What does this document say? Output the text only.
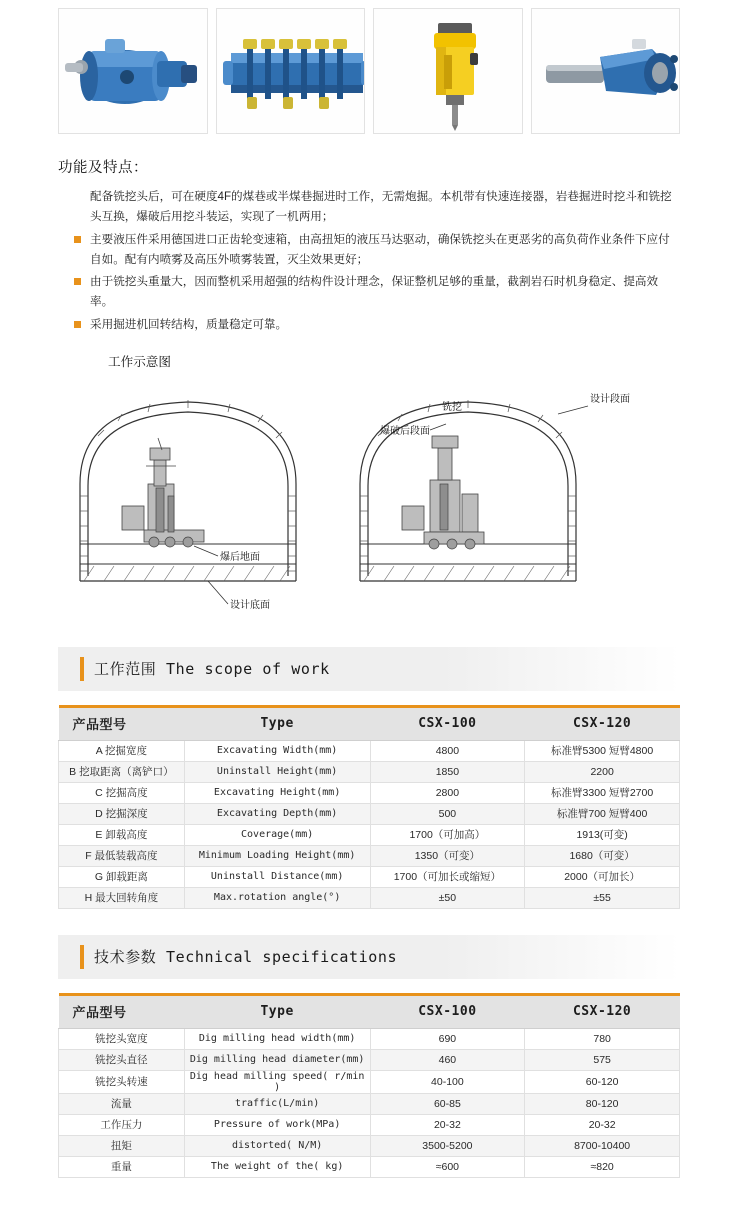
功能及特点：
配备铣挖头后，可在硬度4F的煤巷或半煤巷掘进时工作，无需炮掘。本机带有快速连接器，岩巷掘进时挖斗和铣挖头互换，爆破后用挖斗装运，实现了一机两用；
主要液压件采用德国进口正齿轮变速箱，由高扭矩的液压马达驱动，确保铣挖头在更恶劣的高负荷作业条件下应付自如。配有内喷雾及高压外喷雾装置，灭尘效果更好；
由于铣挖头重量大，因而整机采用超强的结构件设计理念，保证整机足够的重量，截割岩石时机身稳定、提高效率。
采用掘进机回转结构，质量稳定可靠。
工作示意图
爆后地面
设计底面
爆破后段面
铣挖
设计段面
工作范围 The scope of work
产品型号	Type	CSX-100	CSX-120
A 挖掘宽度	Excavating Width(mm)	4800	标准臂5300 短臂4800
B 挖取距离（离铲口）	Uninstall Height(mm)	1850	2200
C 挖掘高度	Excavating Height(mm)	2800	标准臂3300 短臂2700
D 挖掘深度	Excavating Depth(mm)	500	标准臂700 短臂400
E 卸载高度	Coverage(mm)	1700（可加高）	1913(可变)
F 最低装载高度	Minimum Loading Height(mm)	1350（可变）	1680（可变）
G 卸载距离	Uninstall Distance(mm)	1700（可加长或缩短）	2000（可加长）
H 最大回转角度	Max.rotation angle(°)	±50	±55
技术参数 Technical specifications
产品型号	Type	CSX-100	CSX-120
铣挖头宽度	Dig milling head width(mm)	690	780
铣挖头直径	Dig milling head diameter(mm)	460	575
铣挖头转速	Dig head milling speed( r/min )	40-100	60-120
流量	traffic(L/min)	60-85	80-120
工作压力	Pressure of work(MPa)	20-32	20-32
扭矩	distorted( N/M)	3500-5200	8700-10400
重量	The weight of the( kg)	≈600	≈820
